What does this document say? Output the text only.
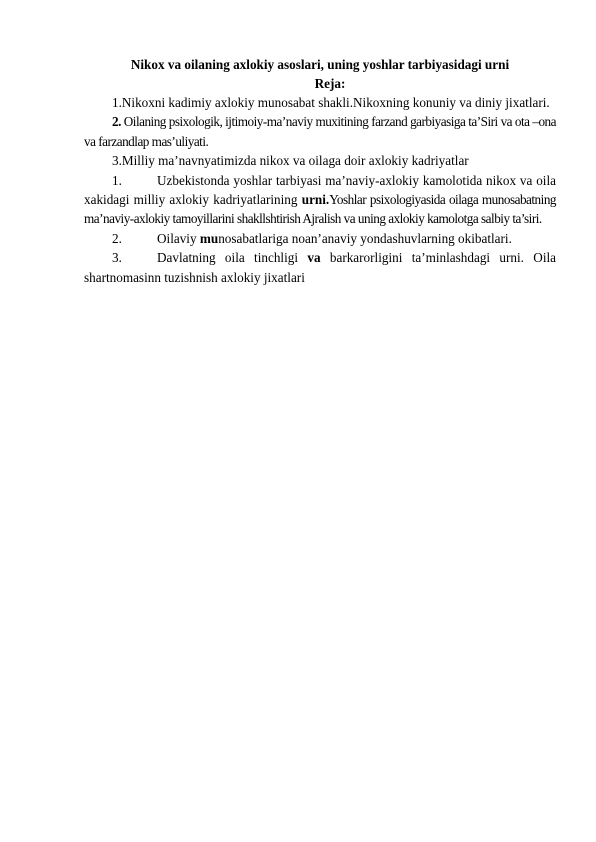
Nikox va oilaning axlokiy asoslari, uning yoshlar tarbiyasidagi urni
Reja:

1.Nikoxni kadimiy axlokiy munosabat shakli.Nikoxning konuniy va diniy jixatlari.

2. Oilaning psixologik, ijtimoiy-ma’naviy muxitining farzand garbiyasiga ta’Siri va ota –ona va farzandlap mas’uliyati.

3.Milliy ma’navnyatimizda nikox va oilaga doir axlokiy kadriyatlar

1.	Uzbekistonda yoshlar tarbiyasi ma’naviy-axlokiy kamolotida nikox va oila xakidagi milliy axlokiy kadriyatlarining urni.Yoshlar psixologiyasida oilaga munosabatning ma’naviy-axlokiy tamoyillarini shakllshtirish Ajralish va uning axlokiy kamolotga salbiy ta’siri.

2.	Oilaviy munosabatlariga noan’anaviy yondashuvlarning okibatlari.

3.	Davlatning oila tinchligi va barkarorligini ta’minlashdagi urni. Oila shartnomasinn tuzishnish axlokiy jixatlari
